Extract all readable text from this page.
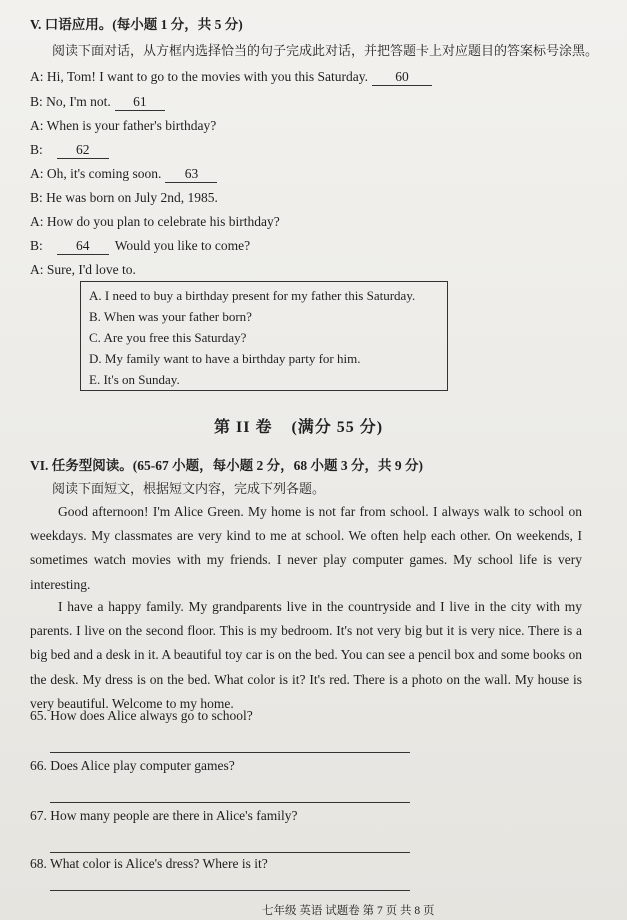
V. 口语应用。(每小题 1 分，共 5 分)
阅读下面对话，从方框内选择恰当的句子完成此对话，并把答题卡上对应题目的答案标号涂黑。
A: Hi, Tom! I want to go to the movies with you this Saturday. 60
B: No, I'm not. 61
A: When is your father's birthday?
B: 62
A: Oh, it's coming soon. 63
B: He was born on July 2nd, 1985.
A: How do you plan to celebrate his birthday?
B: 64 Would you like to come?
A: Sure, I'd love to.
A. I need to buy a birthday present for my father this Saturday.
B. When was your father born?
C. Are you free this Saturday?
D. My family want to have a birthday party for him.
E. It's on Sunday.
第 II 卷 (满分 55 分)
VI. 任务型阅读。(65-67 小题，每小题 2 分，68 小题 3 分，共 9 分)
阅读下面短文，根据短文内容，完成下列各题。
Good afternoon! I'm Alice Green. My home is not far from school. I always walk to school on weekdays. My classmates are very kind to me at school. We often help each other. On weekends, I sometimes watch movies with my friends. I never play computer games. My school life is very interesting.
I have a happy family. My grandparents live in the countryside and I live in the city with my parents. I live on the second floor. This is my bedroom. It's not very big but it is very nice. There is a big bed and a desk in it. A beautiful toy car is on the bed. You can see a pencil box and some books on the desk. My dress is on the bed. What color is it? It's red. There is a photo on the wall. My house is very beautiful. Welcome to my home.
65. How does Alice always go to school?
66. Does Alice play computer games?
67. How many people are there in Alice's family?
68. What color is Alice's dress? Where is it?
七年级 英语 试题卷 第 7 页 共 8 页
